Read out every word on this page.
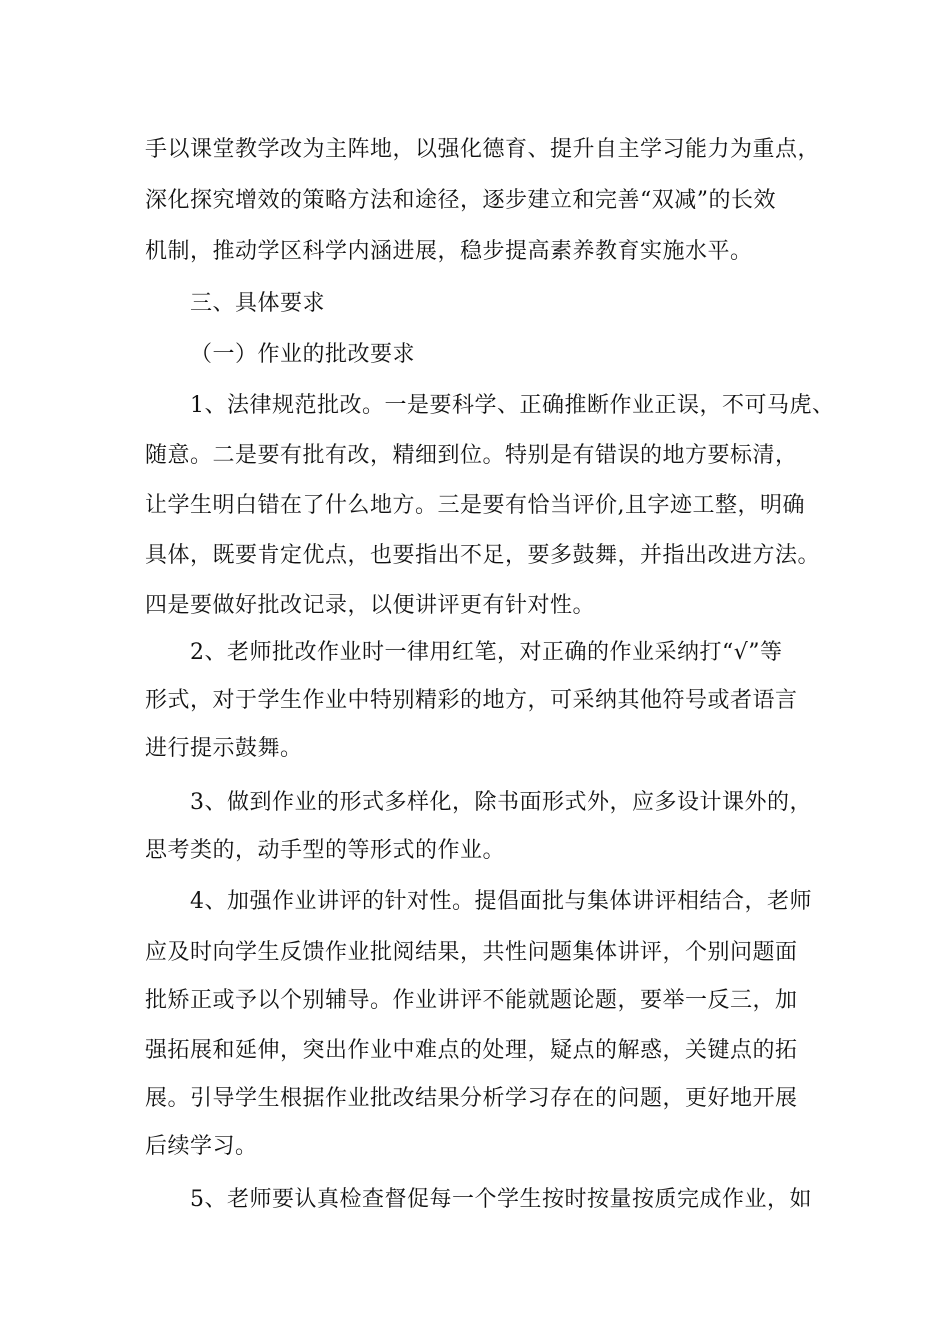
手以课堂教学改为主阵地，以强化德育、提升自主学习能力为重点，
深化探究增效的策略方法和途径，逐步建立和完善“双减”的长效
机制，推动学区科学内涵进展，稳步提高素养教育实施水平。
三、具体要求
（一）作业的批改要求
1、法律规范批改。一是要科学、正确推断作业正误，不可马虎、
随意。二是要有批有改，精细到位。特别是有错误的地方要标清，
让学生明白错在了什么地方。三是要有恰当评价,且字迹工整，明确
具体，既要肯定优点，也要指出不足，要多鼓舞，并指出改进方法。
四是要做好批改记录，以便讲评更有针对性。
2、老师批改作业时一律用红笔，对正确的作业采纳打“√”等
形式，对于学生作业中特别精彩的地方，可采纳其他符号或者语言
进行提示鼓舞。
3、做到作业的形式多样化，除书面形式外，应多设计课外的，
思考类的，动手型的等形式的作业。
4、加强作业讲评的针对性。提倡面批与集体讲评相结合，老师
应及时向学生反馈作业批阅结果，共性问题集体讲评，个别问题面
批矫正或予以个别辅导。作业讲评不能就题论题，要举一反三，加
强拓展和延伸，突出作业中难点的处理，疑点的解惑，关键点的拓
展。引导学生根据作业批改结果分析学习存在的问题，更好地开展
后续学习。
5、老师要认真检查督促每一个学生按时按量按质完成作业，如
